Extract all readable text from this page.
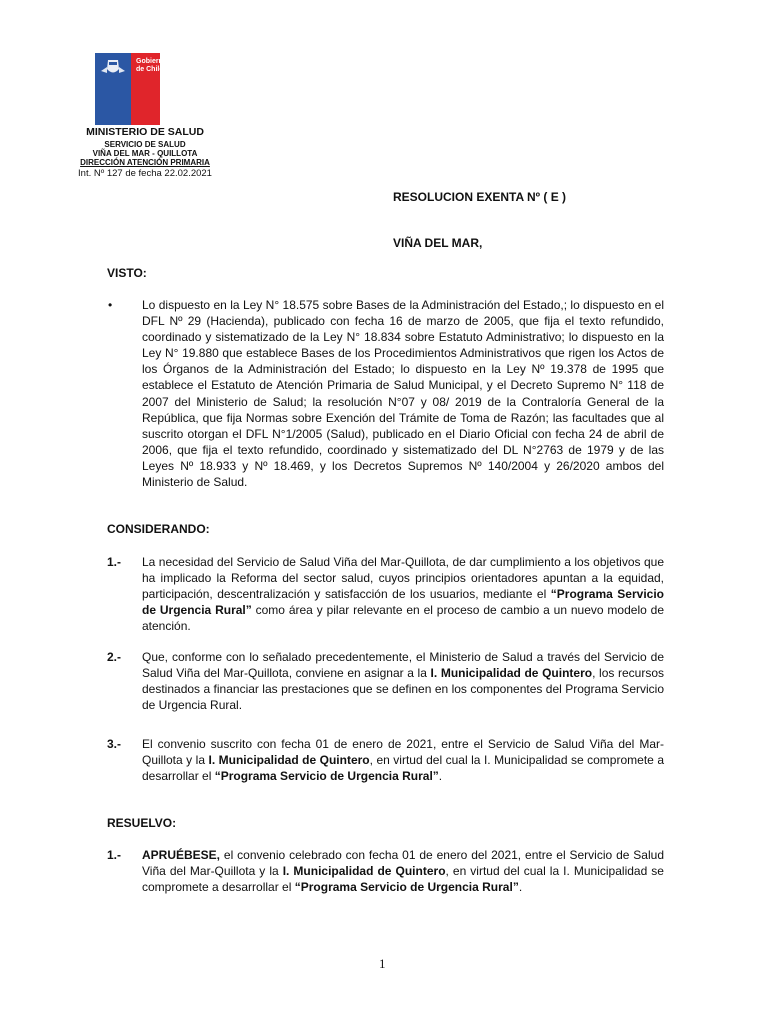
Gobierno
de Chile
MINISTERIO DE SALUD
SERVICIO DE SALUD
VIÑA DEL MAR - QUILLOTA
DIRECCIÓN ATENCIÓN PRIMARIA
Int. Nº 127 de fecha 22.02.2021
RESOLUCION EXENTA Nº ( E )
VIÑA DEL MAR,
VISTO:
• Lo dispuesto en la Ley N° 18.575 sobre Bases de la Administración del Estado,; lo dispuesto en el DFL Nº 29 (Hacienda), publicado con fecha 16 de marzo de 2005, que fija el texto refundido, coordinado y sistematizado de la Ley N° 18.834 sobre Estatuto Administrativo; lo dispuesto en la Ley N° 19.880 que establece Bases de los Procedimientos Administrativos que rigen los Actos de los Órganos de la Administración del Estado; lo dispuesto en la Ley Nº 19.378 de 1995 que establece el Estatuto de Atención Primaria de Salud Municipal, y el Decreto Supremo N° 118 de 2007 del Ministerio de Salud; la resolución N°07 y 08/ 2019 de la Contraloría General de la República, que fija Normas sobre Exención del Trámite de Toma de Razón; las facultades que al suscrito otorgan el DFL N°1/2005 (Salud), publicado en el Diario Oficial con fecha 24 de abril de 2006, que fija el texto refundido, coordinado y sistematizado del DL N°2763 de 1979 y de las Leyes Nº 18.933 y Nº 18.469, y los Decretos Supremos Nº 140/2004 y 26/2020 ambos del Ministerio de Salud.
CONSIDERANDO:
1.- La necesidad del Servicio de Salud Viña del Mar-Quillota, de dar cumplimiento a los objetivos que ha implicado la Reforma del sector salud, cuyos principios orientadores apuntan a la equidad, participación, descentralización y satisfacción de los usuarios, mediante el “Programa Servicio de Urgencia Rural” como área y pilar relevante en el proceso de cambio a un nuevo modelo de atención.
2.- Que, conforme con lo señalado precedentemente, el Ministerio de Salud a través del Servicio de Salud Viña del Mar-Quillota, conviene en asignar a la I. Municipalidad de Quintero, los recursos destinados a financiar las prestaciones que se definen en los componentes del Programa Servicio de Urgencia Rural.
3.- El convenio suscrito con fecha 01 de enero de 2021, entre el Servicio de Salud Viña del Mar-Quillota y la I. Municipalidad de Quintero, en virtud del cual la I. Municipalidad se compromete a desarrollar el “Programa Servicio de Urgencia Rural”.
RESUELVO:
1.- APRUÉBESE, el convenio celebrado con fecha 01 de enero del 2021, entre el Servicio de Salud Viña del Mar-Quillota y la I. Municipalidad de Quintero, en virtud del cual la I. Municipalidad se compromete a desarrollar el “Programa Servicio de Urgencia Rural”.
1
